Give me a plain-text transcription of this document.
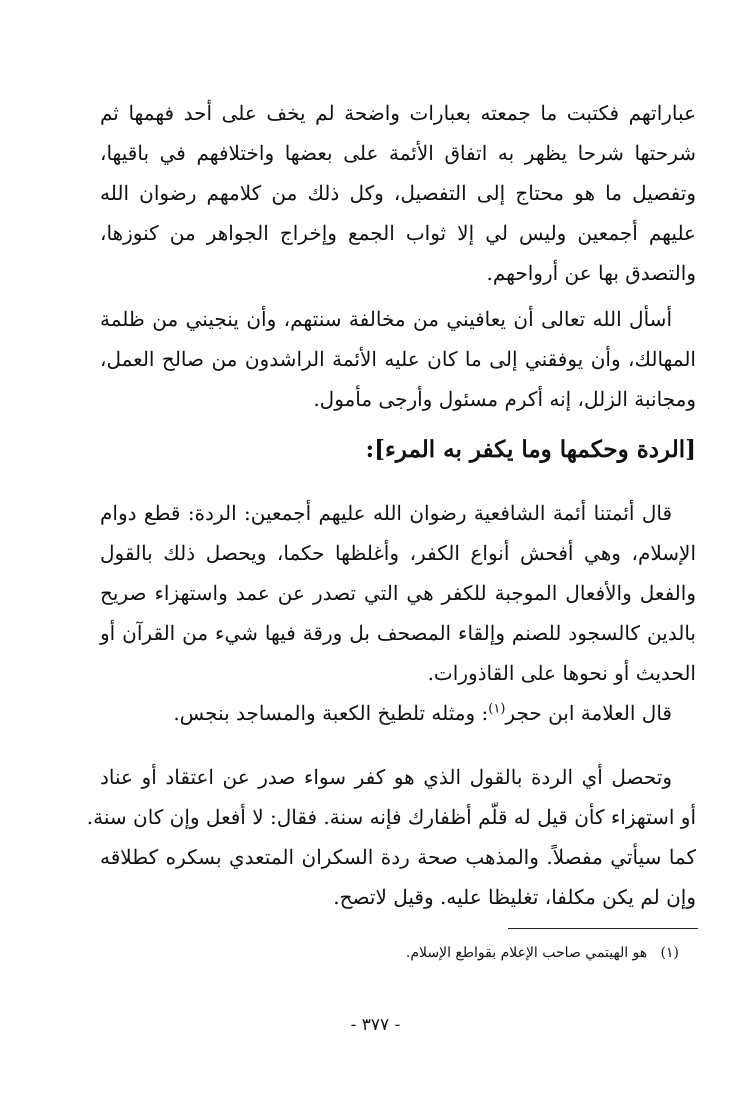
عباراتهم فكتبت ما جمعته بعبارات واضحة لم يخف على أحد فهمها ثم
شرحتها شرحا يظهر به اتفاق الأئمة على بعضها واختلافهم في باقيها،
وتفصيل ما هو محتاج إلى التفصيل، وكل ذلك من كلامهم رضوان الله
عليهم أجمعين وليس لي إلا ثواب الجمع وإخراج الجواهر من كنوزها،
والتصدق بها عن أرواحهم.
أسأل الله تعالى أن يعافيني من مخالفة سنتهم، وأن ينجيني من ظلمة
المهالك، وأن يوفقني إلى ما كان عليه الأئمة الراشدون من صالح العمل،
ومجانبة الزلل، إنه أكرم مسئول وأرجى مأمول.
[الردة وحكمها وما يكفر به المرء]:
قال أئمتنا أئمة الشافعية رضوان الله عليهم أجمعين: الردة: قطع دوام
الإسلام، وهي أفحش أنواع الكفر، وأغلظها حكما، ويحصل ذلك بالقول
والفعل والأفعال الموجبة للكفر هي التي تصدر عن عمد واستهزاء صريح
بالدين كالسجود للصنم وإلقاء المصحف بل ورقة فيها شيء من القرآن أو
الحديث أو نحوها على القاذورات.
قال العلامة ابن حجر$^{(١)}$: ومثله تلطيخ الكعبة والمساجد بنجس.
وتحصل أي الردة بالقول الذي هو كفر سواء صدر عن اعتقاد أو عناد
أو استهزاء كأن قيل له قلّم أظفارك فإنه سنة. فقال: لا أفعل وإن كان سنة.
كما سيأتي مفصلاً. والمذهب صحة ردة السكران المتعدي بسكره كطلاقه
وإن لم يكن مكلفا، تغليظا عليه. وقيل لاتصح.
(١)   هو الهيتمي صاحب الإعلام بقواطع الإسلام.
- ٣٧٧ -
